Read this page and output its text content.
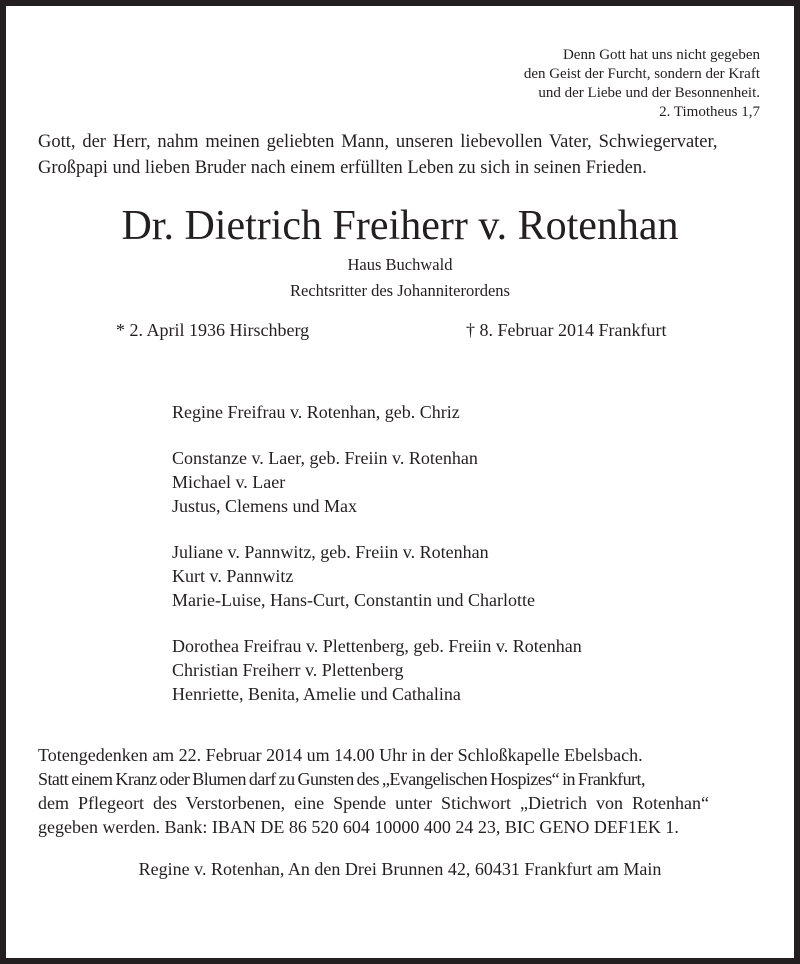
Denn Gott hat uns nicht gegeben
den Geist der Furcht, sondern der Kraft
und der Liebe und der Besonnenheit.
2. Timotheus 1,7
Gott, der Herr, nahm meinen geliebten Mann, unseren liebevollen Vater, Schwiegervater,
Großpapi und lieben Bruder nach einem erfüllten Leben zu sich in seinen Frieden.
Dr. Dietrich Freiherr v. Rotenhan
Haus Buchwald
Rechtsritter des Johanniterordens
* 2. April 1936 Hirschberg	† 8. Februar 2014 Frankfurt
Regine Freifrau v. Rotenhan, geb. Chriz
Constanze v. Laer, geb. Freiin v. Rotenhan
Michael v. Laer
Justus, Clemens und Max
Juliane v. Pannwitz, geb. Freiin v. Rotenhan
Kurt v. Pannwitz
Marie-Luise, Hans-Curt, Constantin und Charlotte
Dorothea Freifrau v. Plettenberg, geb. Freiin v. Rotenhan
Christian Freiherr v. Plettenberg
Henriette, Benita, Amelie und Cathalina
Totengedenken am 22. Februar 2014 um 14.00 Uhr in der Schloßkapelle Ebelsbach.
Statt einem Kranz oder Blumen darf zu Gunsten des „Evangelischen Hospizes“ in Frankfurt,
dem Pflegeort des Verstorbenen, eine Spende unter Stichwort „Dietrich von Rotenhan“
gegeben werden. Bank: IBAN DE 86 520 604 10000 400 24 23, BIC GENO DEF1EK 1.
Regine v. Rotenhan, An den Drei Brunnen 42, 60431 Frankfurt am Main
